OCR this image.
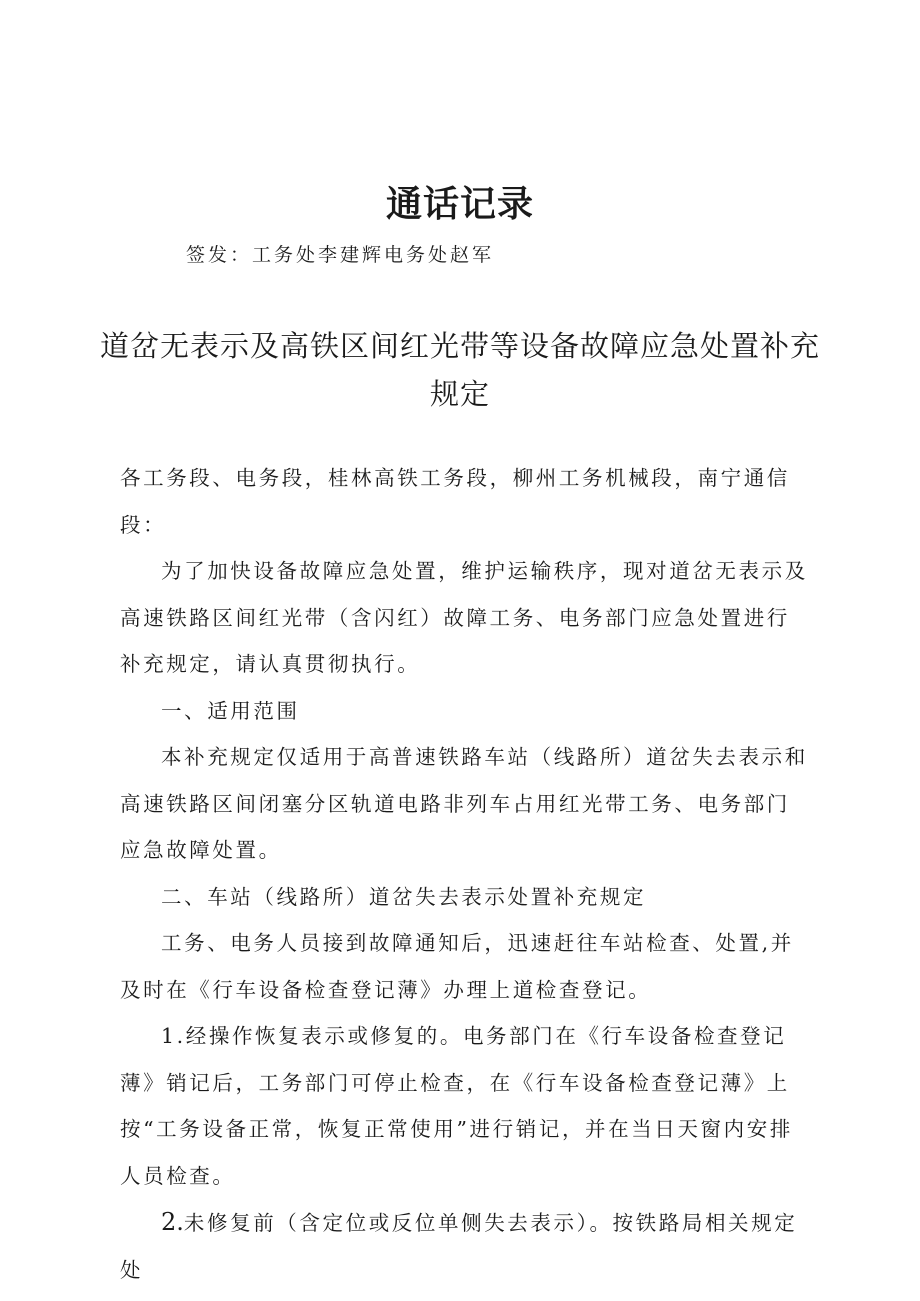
通话记录
签发：工务处李建辉电务处赵军
道岔无表示及高铁区间红光带等设备故障应急处置补充规定

各工务段、电务段，桂林高铁工务段，柳州工务机械段，南宁通信段：

为了加快设备故障应急处置，维护运输秩序，现对道岔无表示及高速铁路区间红光带（含闪红）故障工务、电务部门应急处置进行补充规定，请认真贯彻执行。

一、适用范围

本补充规定仅适用于高普速铁路车站（线路所）道岔失去表示和高速铁路区间闭塞分区轨道电路非列车占用红光带工务、电务部门应急故障处置。

二、车站（线路所）道岔失去表示处置补充规定

工务、电务人员接到故障通知后，迅速赶往车站检查、处置,并及时在《行车设备检查登记薄》办理上道检查登记。

1.经操作恢复表示或修复的。电务部门在《行车设备检查登记薄》销记后，工务部门可停止检查，在《行车设备检查登记薄》上按“工务设备正常，恢复正常使用”进行销记，并在当日天窗内安排人员检查。

2.未修复前（含定位或反位单侧失去表示）。按铁路局相关规定处
